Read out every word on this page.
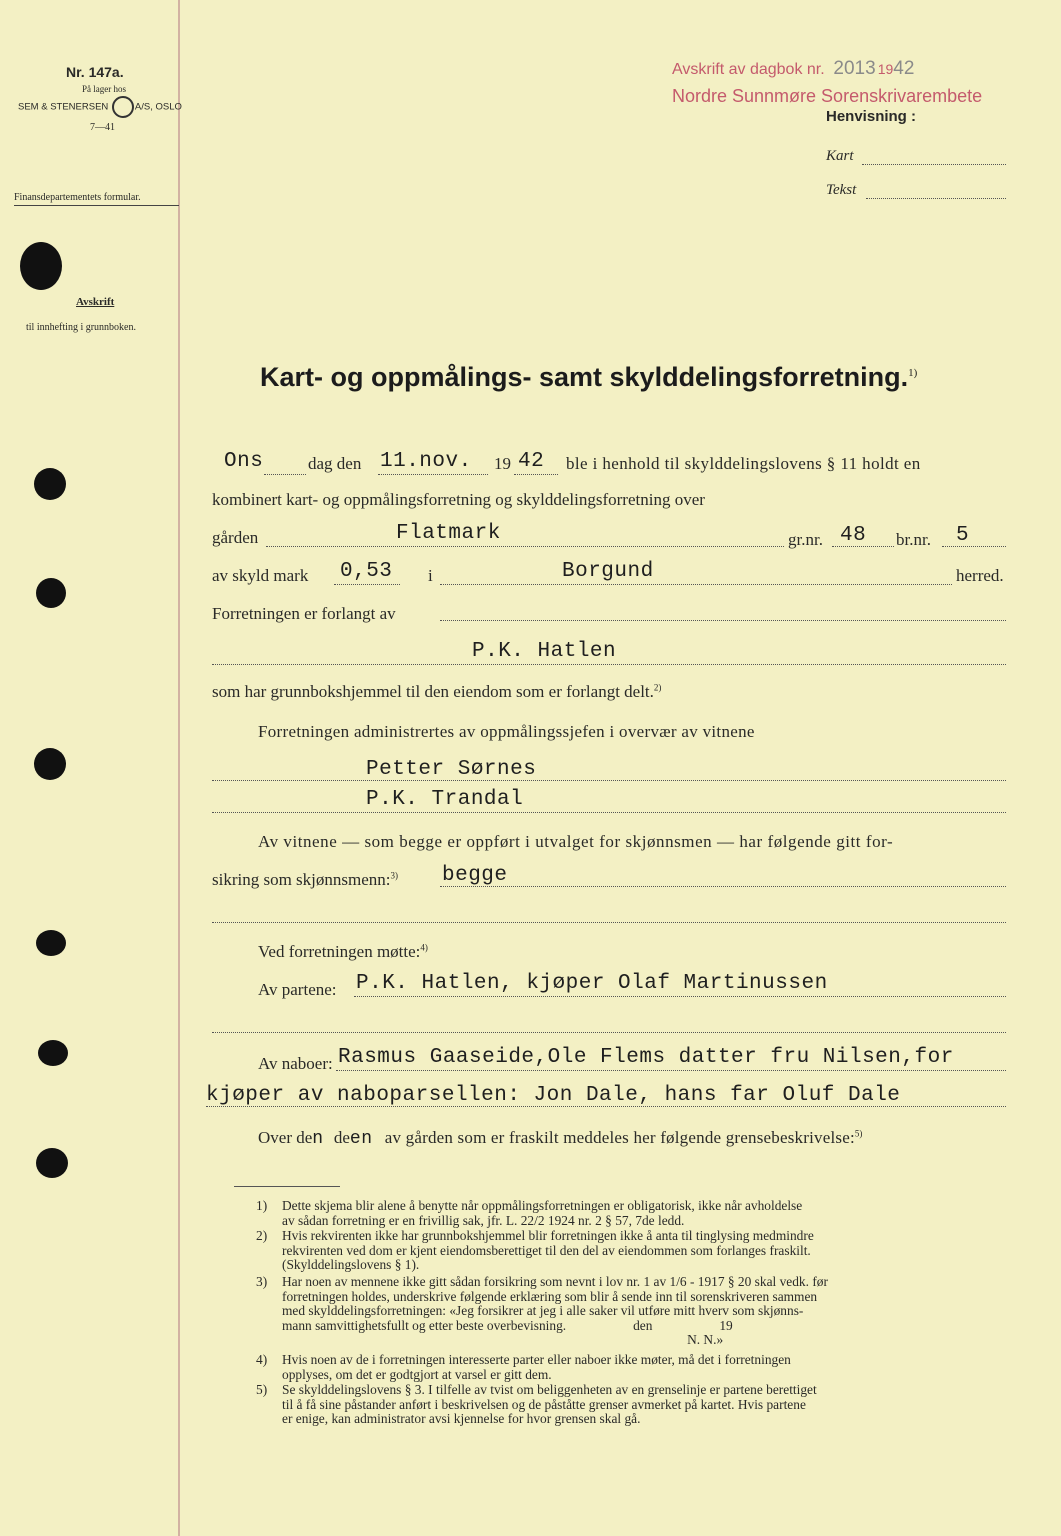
Nr. 147a.
På lager hos
SEM & STENERSEN	A/S, OSLO
7—41
Finansdepartementets formular.
Avskrift
til innhefting i grunnboken.
Avskrift av dagbok nr. 2013 1942
Nordre Sunnmøre Sorenskrivarembete
Henvisning :
Kart
Tekst
Kart- og oppmålings- samt skylddelingsforretning.$^{1)}$
Ons	dag den 11.nov. 19 42 ble i henhold til skylddelingslovens § 11 holdt en
kombinert kart- og oppmålingsforretning og skylddelingsforretning over
gården	Flatmark	gr.nr. 48 br.nr. 5
av skyld mark 0,53 i	Borgund	herred.
Forretningen er forlangt av
P.K. Hatlen
som har grunnbokshjemmel til den eiendom som er forlangt delt.$^{2)}$
Forretningen administrertes av oppmålingssjefen i overvær av vitnene
Petter Sørnes
P.K. Trandal
Av vitnene — som begge er oppført i utvalget for skjønnsmen — har følgende gitt for-
sikring som skjønnsmenn:$^{3)}$ begge
Ved forretningen møtte:$^{4)}$
Av partene: P.K. Hatlen, kjøper Olaf Martinussen
Av naboer: Rasmus Gaaseide,Ole Flems datter fru Nilsen,for
kjøper av naboparsellen: Jon Dale, hans far Oluf Dale
Over den deen av gården som er fraskilt meddeles her følgende grensebeskrivelse:$^{5)}$
1) Dette skjema blir alene å benytte når oppmålingsforretningen er obligatorisk, ikke når avholdelse
av sådan forretning er en frivillig sak, jfr. L. 22/2 1924 nr. 2 § 57, 7de ledd.
2) Hvis rekvirenten ikke har grunnbokshjemmel blir forretningen ikke å anta til tinglysing medmindre
rekvirenten ved dom er kjent eiendomsberettiget til den del av eiendommen som forlanges fraskilt.
(Skylddelingslovens § 1).
3) Har noen av mennene ikke gitt sådan forsikring som nevnt i lov nr. 1 av 1/6 - 1917 § 20 skal vedk. før
forretningen holdes, underskrive følgende erklæring som blir å sende inn til sorenskriveren sammen
med skylddelingsforretningen: «Jeg forsikrer at jeg i alle saker vil utføre mitt hverv som skjønns-
mann samvittighetsfullt og etter beste overbevisning.                    den                    19
N. N.»
4) Hvis noen av de i forretningen interesserte parter eller naboer ikke møter, må det i forretningen
opplyses, om det er godtgjort at varsel er gitt dem.
5) Se skylddelingslovens § 3. I tilfelle av tvist om beliggenheten av en grenselinje er partene berettiget
til å få sine påstander anført i beskrivelsen og de påståtte grenser avmerket på kartet. Hvis partene
er enige, kan administrator avsi kjennelse for hvor grensen skal gå.
